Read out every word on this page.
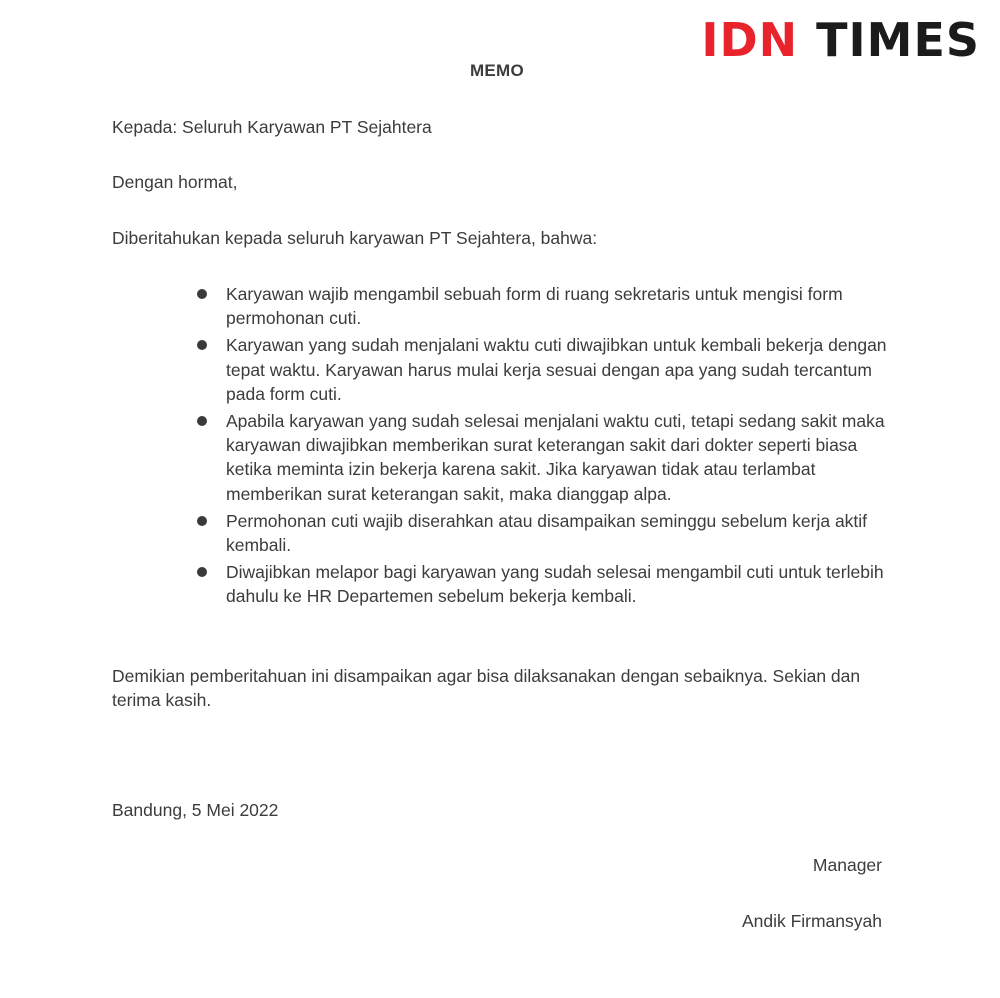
IDN TIMES
MEMO

Kepada: Seluruh Karyawan PT Sejahtera

Dengan hormat,

Diberitahukan kepada seluruh karyawan PT Sejahtera, bahwa:

Karyawan wajib mengambil sebuah form di ruang sekretaris untuk mengisi form permohonan cuti.
Karyawan yang sudah menjalani waktu cuti diwajibkan untuk kembali bekerja dengan tepat waktu. Karyawan harus mulai kerja sesuai dengan apa yang sudah tercantum pada form cuti.
Apabila karyawan yang sudah selesai menjalani waktu cuti, tetapi sedang sakit maka karyawan diwajibkan memberikan surat keterangan sakit dari dokter seperti biasa ketika meminta izin bekerja karena sakit. Jika karyawan tidak atau terlambat memberikan surat keterangan sakit, maka dianggap alpa.
Permohonan cuti wajib diserahkan atau disampaikan seminggu sebelum kerja aktif kembali.
Diwajibkan melapor bagi karyawan yang sudah selesai mengambil cuti untuk terlebih dahulu ke HR Departemen sebelum bekerja kembali.

Demikian pemberitahuan ini disampaikan agar bisa dilaksanakan dengan sebaiknya. Sekian dan terima kasih.

Bandung, 5 Mei 2022

Manager

Andik Firmansyah
